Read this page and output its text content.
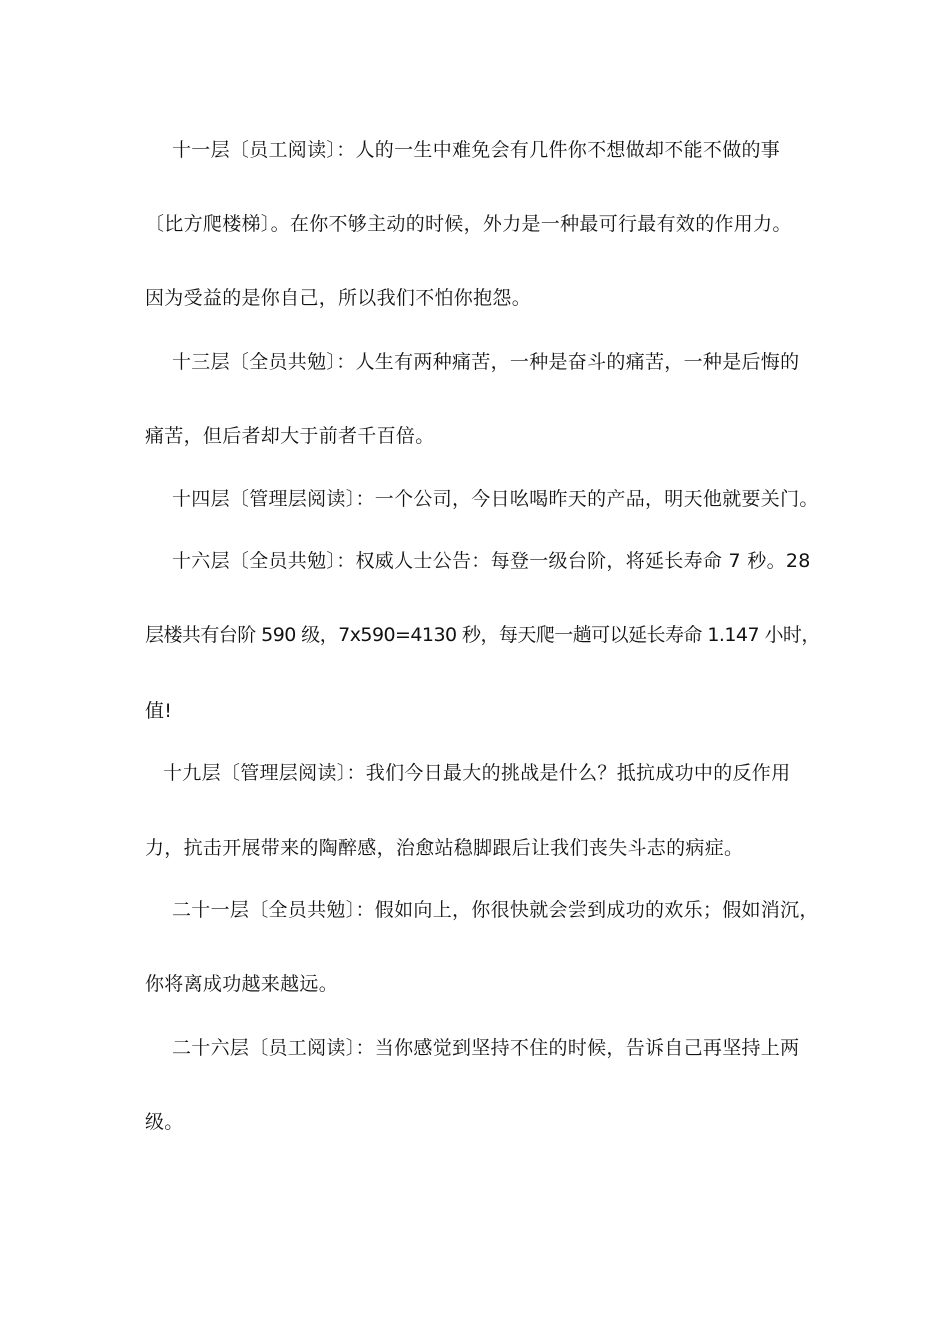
十一层〔员工阅读〕：人的一生中难免会有几件你不想做却不能不做的事
〔比方爬楼梯〕。在你不够主动的时候，外力是一种最可行最有效的作用力。
因为受益的是你自己，所以我们不怕你抱怨。
十三层〔全员共勉〕：人生有两种痛苦，一种是奋斗的痛苦，一种是后悔的
痛苦，但后者却大于前者千百倍。
十四层〔管理层阅读〕：一个公司，今日吆喝昨天的产品，明天他就要关门。
十六层〔全员共勉〕：权威人士公告：每登一级台阶，将延长寿命 7 秒。28
层楼共有台阶 590 级，7x590=4130 秒，每天爬一趟可以延长寿命 1.147 小时，
值!
十九层〔管理层阅读〕：我们今日最大的挑战是什么？抵抗成功中的反作用
力，抗击开展带来的陶醉感，治愈站稳脚跟后让我们丧失斗志的病症。
二十一层〔全员共勉〕：假如向上，你很快就会尝到成功的欢乐；假如消沉，
你将离成功越来越远。
二十六层〔员工阅读〕：当你感觉到坚持不住的时候，告诉自己再坚持上两
级。
